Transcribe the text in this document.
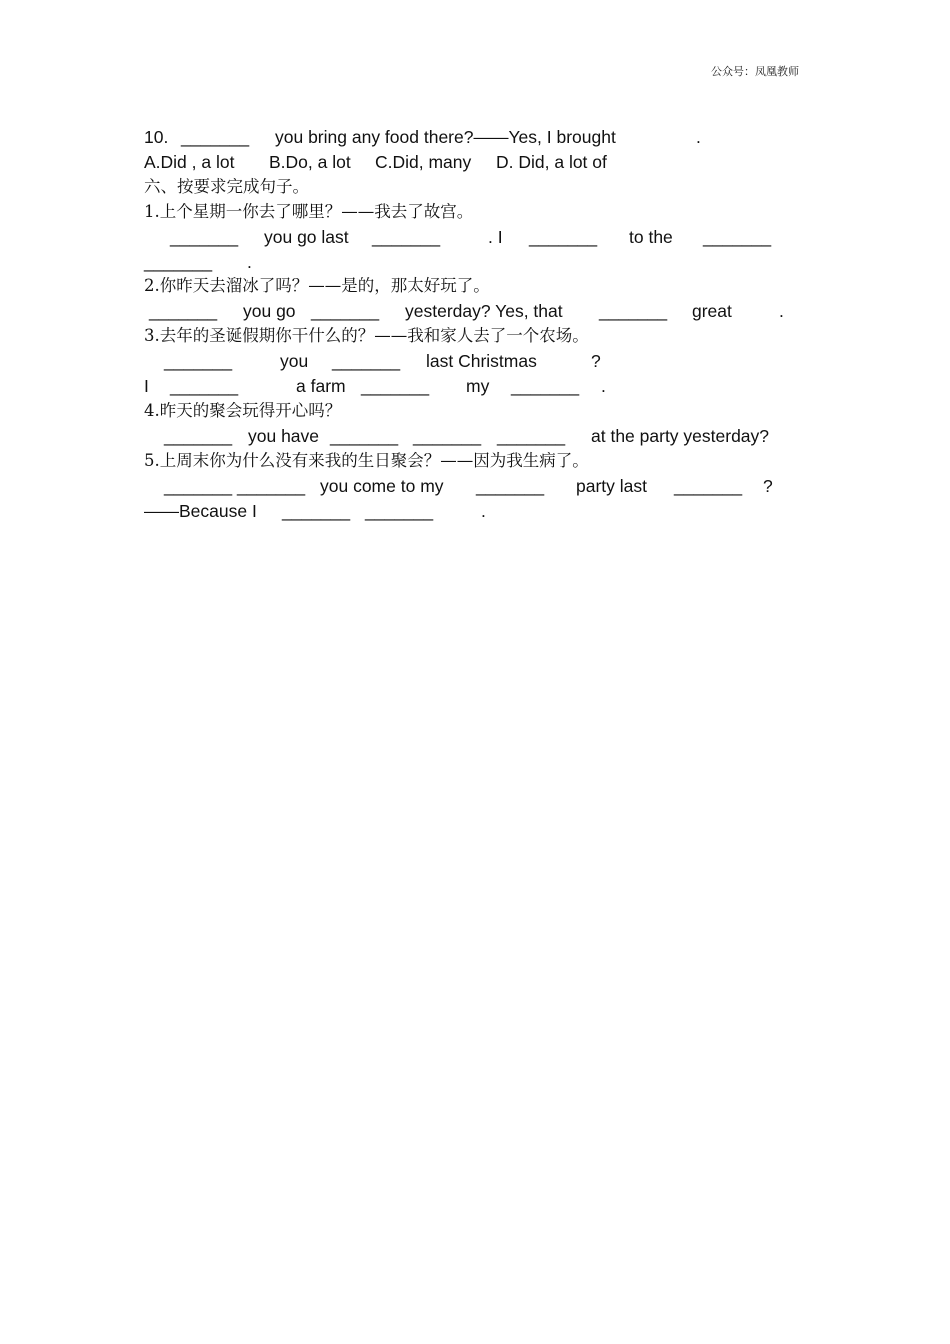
公众号：凤凰教师
10. _______ you bring any food there?——Yes, I brought	.
A.Did , a lot B.Do, a lot C.Did, many D. Did, a lot of
六、按要求完成句子。
1.上个星期一你去了哪里？——我去了故宫。
_______ you go last _______	. I _______ to the _______
_______ .
2.你昨天去溜冰了吗？——是的，那太好玩了。
_______ you go _______ yesterday? Yes, that _______ great	.
3.去年的圣诞假期你干什么的？——我和家人去了一个农场。
_______	you _______ last Christmas	?
I _______	a farm _______ my _______ .
4.昨天的聚会玩得开心吗？
_______ you have _______ _______ _______ at the party yesterday?
5.上周末你为什么没有来我的生日聚会？——因为我生病了。
_______ _______ you come to my _______ party last _______ ?
——Because I _______ _______	.
